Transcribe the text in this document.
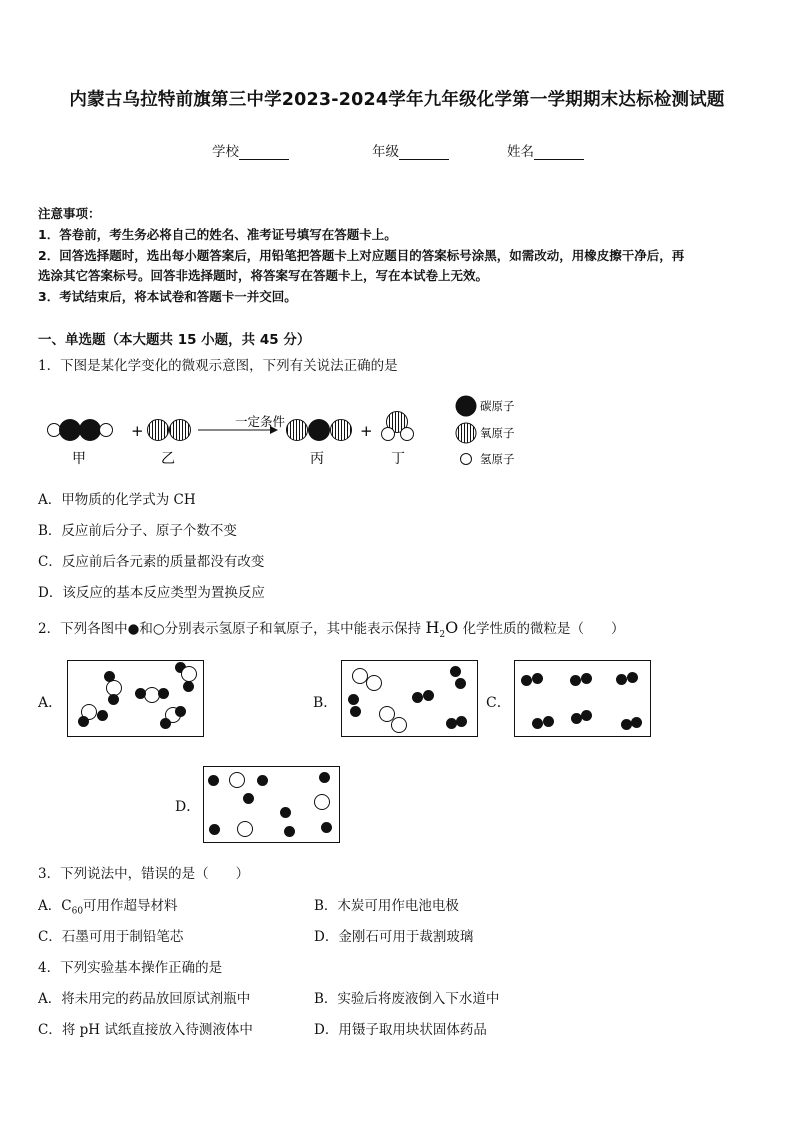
内蒙古乌拉特前旗第三中学2023-2024学年九年级化学第一学期期末达标检测试题
学校	年级	姓名
注意事项：
1．答卷前，考生务必将自己的姓名、准考证号填写在答题卡上。
2．回答选择题时，选出每小题答案后，用铅笔把答题卡上对应题目的答案标号涂黑，如需改动，用橡皮擦干净后，再
选涂其它答案标号。回答非选择题时，将答案写在答题卡上，写在本试卷上无效。
3．考试结束后，将本试卷和答题卡一并交回。
一、单选题（本大题共 15 小题，共 45 分）
1．下图是某化学变化的微观示意图，下列有关说法正确的是
+
一定条件
+
甲	乙	丙	丁
碳原子
氧原子
氢原子
A．甲物质的化学式为 CH
B．反应前后分子、原子个数不变
C．反应前后各元素的质量都没有改变
D．该反应的基本反应类型为置换反应
2．下列各图中●和○分别表示氢原子和氧原子，其中能表示保持 $H_2O$ 化学性质的微粒是（　　）
A．	B．	C．
D．
3．下列说法中，错误的是（　　）
A．$C_{60}$可用作超导材料	B．木炭可用作电池电极
C．石墨可用于制铅笔芯	D．金刚石可用于裁割玻璃
4．下列实验基本操作正确的是
A．将未用完的药品放回原试剂瓶中	B．实验后将废液倒入下水道中
C．将 pH 试纸直接放入待测液体中	D．用镊子取用块状固体药品
